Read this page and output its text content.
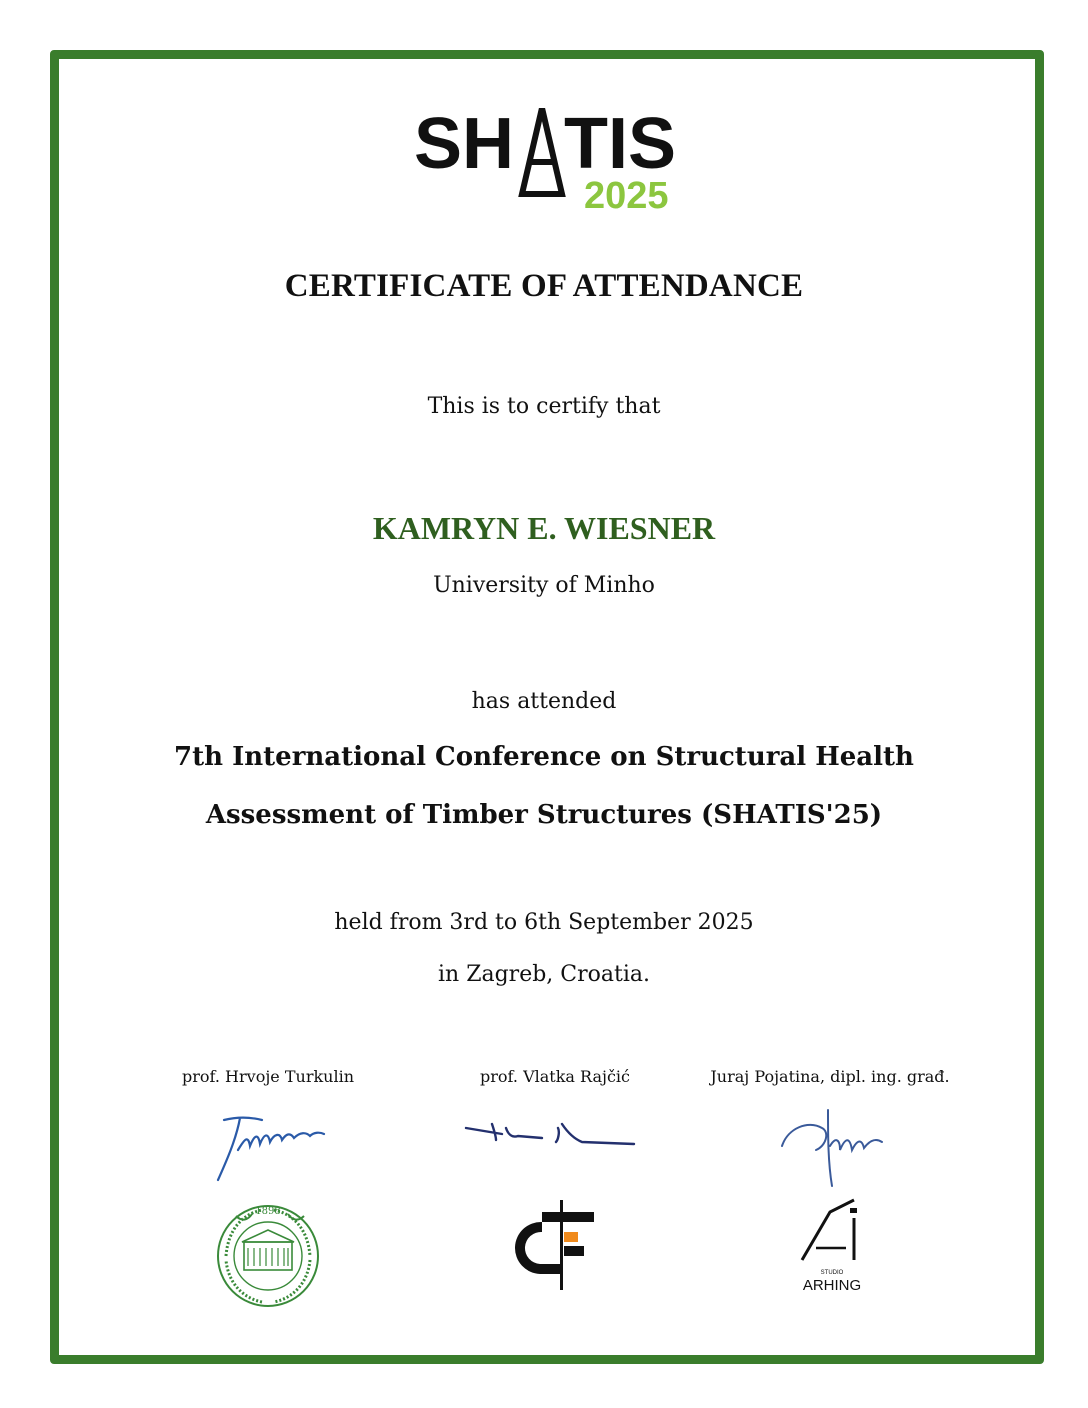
SH TIS
2025
CERTIFICATE OF ATTENDANCE
This is to certify that
KAMRYN E. WIESNER
University of Minho
has attended
7th International Conference on Structural Health
Assessment of Timber Structures (SHATIS'25)
held from 3rd to 6th September 2025
in Zagreb, Croatia.
prof. Hrvoje Turkulin	prof. Vlatka Rajčić	Juraj Pojatina, dipl. ing. građ.
1898
STUDIO
ARHING
